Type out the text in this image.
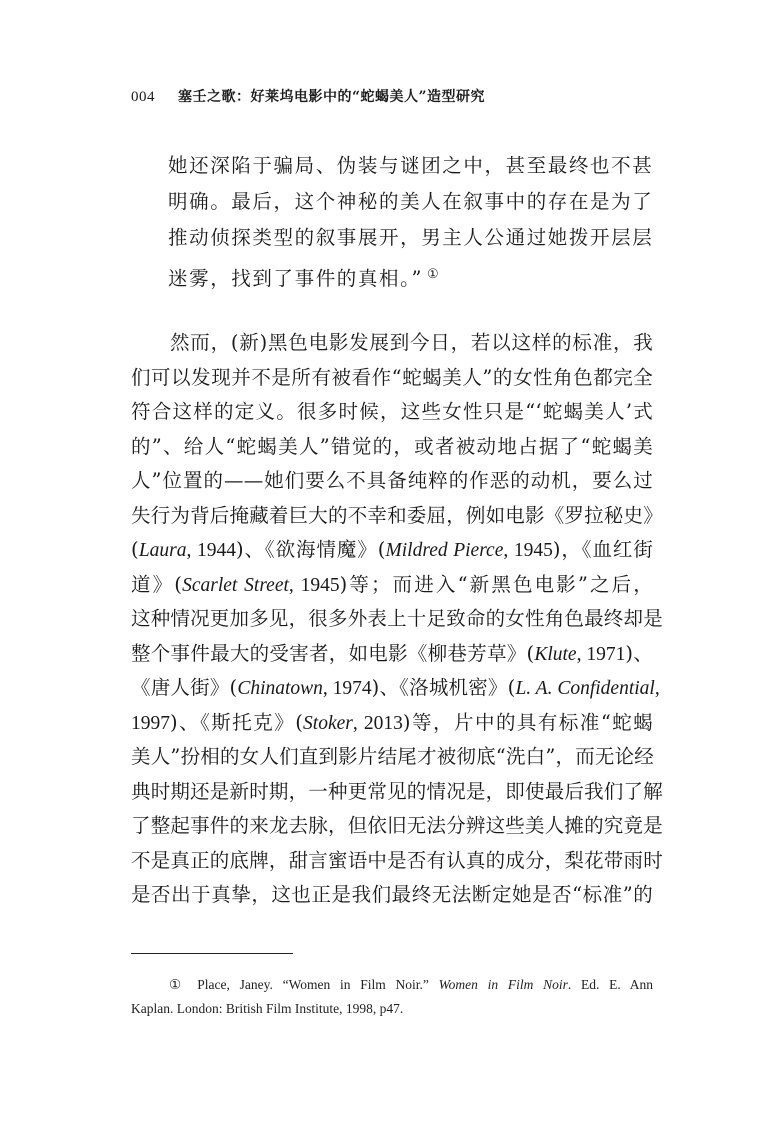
004 塞壬之歌：好莱坞电影中的“蛇蝎美人”造型研究
她还深陷于骗局、伪装与谜团之中，甚至最终也不甚
明确。最后，这个神秘的美人在叙事中的存在是为了
推动侦探类型的叙事展开，男主人公通过她拨开层层
迷雾，找到了事件的真相。” ①
然而，(新)黑色电影发展到今日，若以这样的标准，我
们可以发现并不是所有被看作“蛇蝎美人”的女性角色都完全
符合这样的定义。很多时候，这些女性只是“‘蛇蝎美人’式
的”、给人“蛇蝎美人”错觉的，或者被动地占据了“蛇蝎美
人”位置的——她们要么不具备纯粹的作恶的动机，要么过
失行为背后掩藏着巨大的不幸和委屈，例如电影《罗拉秘史》
(Laura, 1944)、《欲海情魔》(Mildred Pierce, 1945)，《血红街
道》(Scarlet Street, 1945)等；而进入“新黑色电影”之后，
这种情况更加多见，很多外表上十足致命的女性角色最终却是
整个事件最大的受害者，如电影《柳巷芳草》(Klute, 1971)、
《唐人街》(Chinatown, 1974)、《洛城机密》(L. A. Confidential,
1997)、《斯托克》(Stoker, 2013)等，片中的具有标准“蛇蝎
美人”扮相的女人们直到影片结尾才被彻底“洗白”，而无论经
典时期还是新时期，一种更常见的情况是，即使最后我们了解
了整起事件的来龙去脉，但依旧无法分辨这些美人摊的究竟是
不是真正的底牌，甜言蜜语中是否有认真的成分，梨花带雨时
是否出于真挚，这也正是我们最终无法断定她是否“标准”的
① Place, Janey. “Women in Film Noir.” Women in Film Noir. Ed. E. Ann
Kaplan. London: British Film Institute, 1998, p47.
